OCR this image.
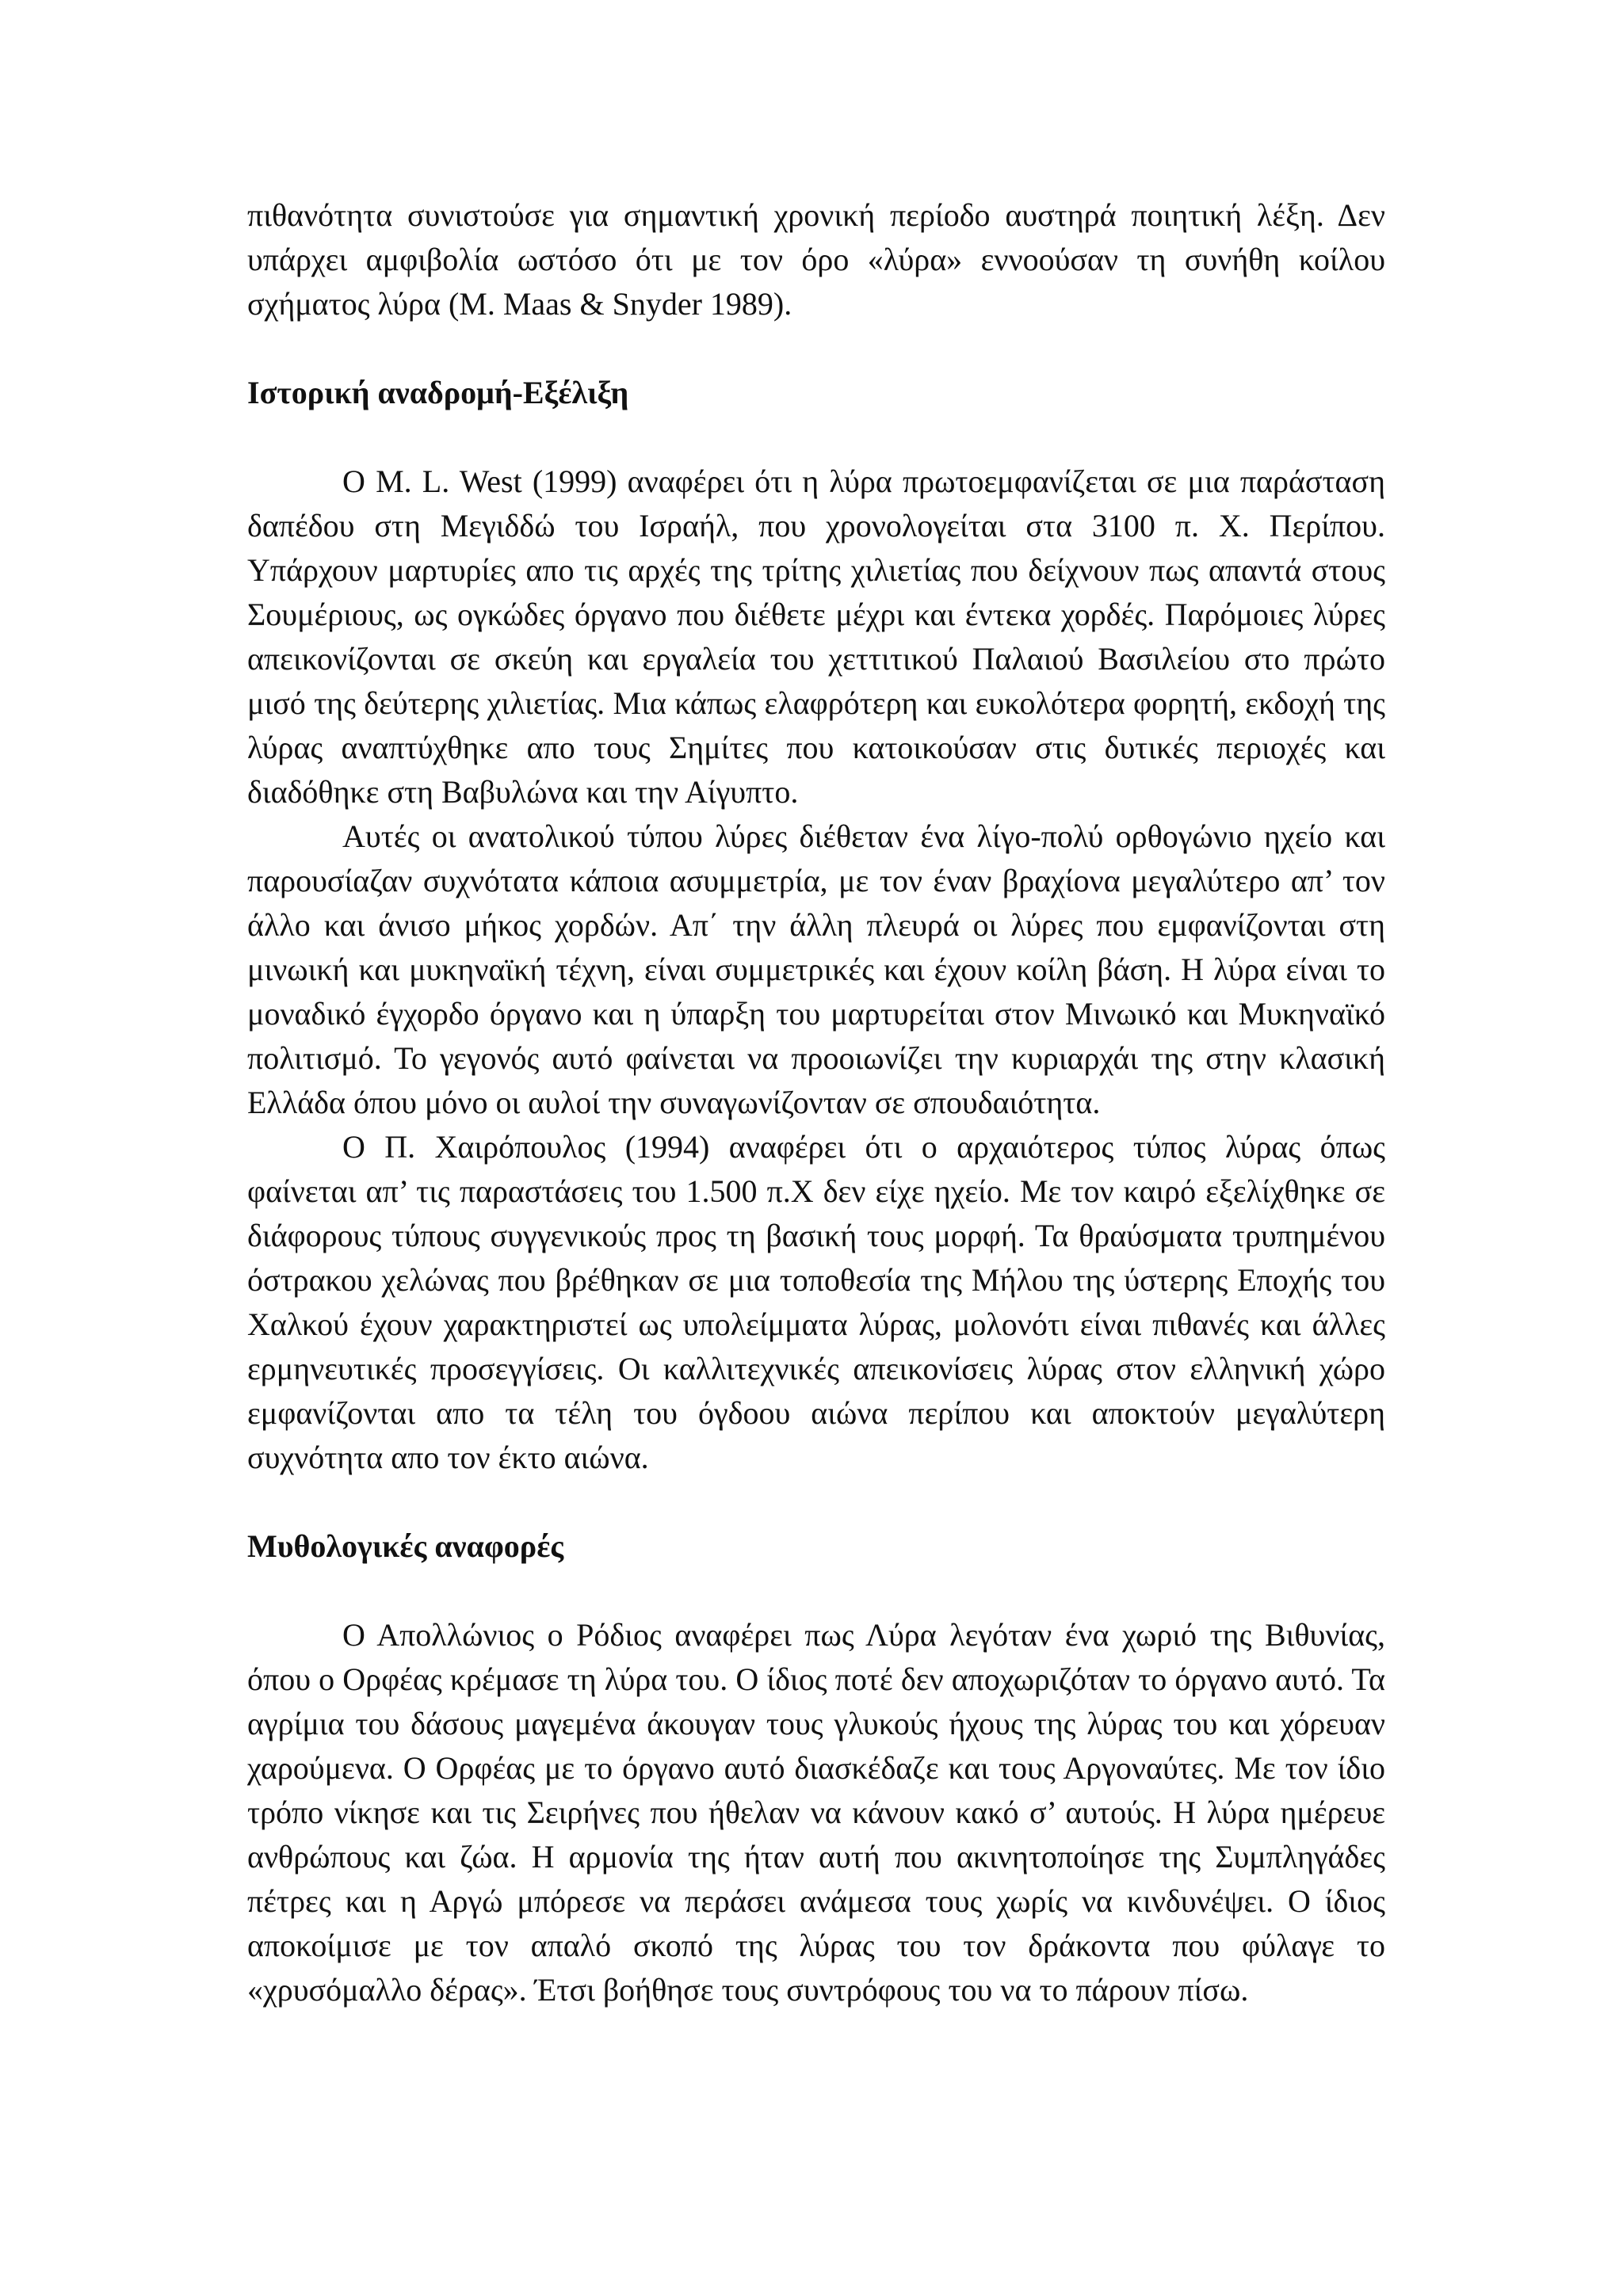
πιθανότητα συνιστούσε για σημαντική χρονική περίοδο αυστηρά ποιητική λέξη. Δεν υπάρχει αμφιβολία ωστόσο ότι με τον όρο «λύρα» εννοούσαν τη συνήθη κοίλου σχήματος λύρα (M. Maas & Snyder 1989).

Ιστορική αναδρομή-Εξέλιξη

Ο M. L. West (1999) αναφέρει ότι η λύρα πρωτοεμφανίζεται σε μια παράσταση δαπέδου στη Μεγιδδώ του Ισραήλ, που χρονολογείται στα 3100 π. Χ. Περίπου. Υπάρχουν μαρτυρίες απο τις αρχές της τρίτης χιλιετίας που δείχνουν πως απαντά στους Σουμέριους, ως ογκώδες όργανο που διέθετε μέχρι και έντεκα χορδές. Παρόμοιες λύρες απεικονίζονται σε σκεύη και εργαλεία του χεττιτικού Παλαιού Βασιλείου στο πρώτο μισό της δεύτερης χιλιετίας. Μια κάπως ελαφρότερη και ευκολότερα φορητή, εκδοχή της λύρας αναπτύχθηκε απο τους Σημίτες που κατοικούσαν στις δυτικές περιοχές και διαδόθηκε στη Βαβυλώνα και την Αίγυπτο.

Αυτές οι ανατολικού τύπου λύρες διέθεταν ένα λίγο-πολύ ορθογώνιο ηχείο και παρουσίαζαν συχνότατα κάποια ασυμμετρία, με τον έναν βραχίονα μεγαλύτερο απ’ τον άλλο και άνισο μήκος χορδών. Απ΄ την άλλη πλευρά οι λύρες που εμφανίζονται στη μινωική και μυκηναϊκή τέχνη, είναι συμμετρικές και έχουν κοίλη βάση. Η λύρα είναι το μοναδικό έγχορδο όργανο και η ύπαρξη του μαρτυρείται στον Μινωικό και Μυκηναϊκό πολιτισμό. Το γεγονός αυτό φαίνεται να προοιωνίζει την κυριαρχάι της στην κλασική Ελλάδα όπου μόνο οι αυλοί την συναγωνίζονταν σε σπουδαιότητα.

Ο Π. Χαιρόπουλος (1994) αναφέρει ότι ο αρχαιότερος τύπος λύρας όπως φαίνεται απ’ τις παραστάσεις του 1.500 π.Χ δεν είχε ηχείο. Με τον καιρό εξελίχθηκε σε διάφορους τύπους συγγενικούς προς τη βασική τους μορφή. Τα θραύσματα τρυπημένου όστρακου χελώνας που βρέθηκαν σε μια τοποθεσία της Μήλου της ύστερης Εποχής του Χαλκού έχουν χαρακτηριστεί ως υπολείμματα λύρας, μολονότι είναι πιθανές και άλλες ερμηνευτικές προσεγγίσεις. Οι καλλιτεχνικές απεικονίσεις λύρας στον ελληνική χώρο εμφανίζονται απο τα τέλη του όγδοου αιώνα περίπου και αποκτούν μεγαλύτερη συχνότητα απο τον έκτο αιώνα.

Μυθολογικές αναφορές

Ο Απολλώνιος ο Ρόδιος αναφέρει πως Λύρα λεγόταν ένα χωριό της Βιθυνίας, όπου ο Ορφέας κρέμασε τη λύρα του. Ο ίδιος ποτέ δεν αποχωριζόταν το όργανο αυτό. Τα αγρίμια του δάσους μαγεμένα άκουγαν τους γλυκούς ήχους της λύρας του και χόρευαν χαρούμενα. Ο Ορφέας με το όργανο αυτό διασκέδαζε και τους Αργοναύτες. Με τον ίδιο τρόπο νίκησε και τις Σειρήνες που ήθελαν να κάνουν κακό σ’ αυτούς. Η λύρα ημέρευε ανθρώπους και ζώα. Η αρμονία της ήταν αυτή που ακινητοποίησε της Συμπληγάδες πέτρες και η Αργώ μπόρεσε να περάσει ανάμεσα τους χωρίς να κινδυνέψει. Ο ίδιος αποκοίμισε με τον απαλό σκοπό της λύρας του τον δράκοντα που φύλαγε το «χρυσόμαλλο δέρας». Έτσι βοήθησε τους συντρόφους του να το πάρουν πίσω.
